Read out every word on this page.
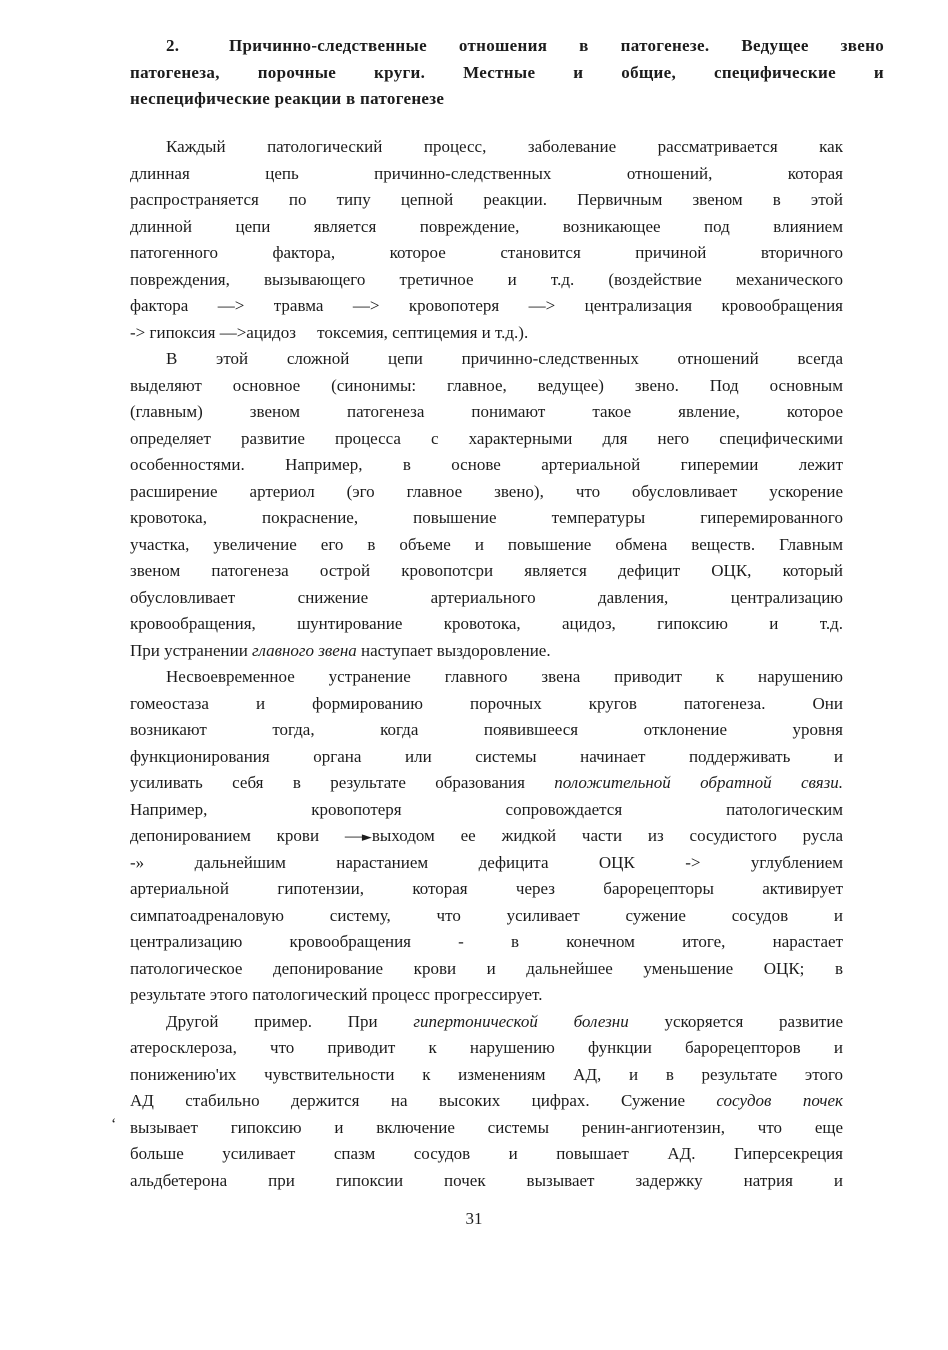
2.	Причинно-следственные отношения в патогенезе. Ведущее звено
патогенеза, порочные круги. Местные и общие, специфические и
неспецифические реакции в патогенезе

Каждый патологический процесс, заболевание рассматривается как
длинная цепь причинно-следственных отношений, которая
распространяется по типу цепной реакции. Первичным звеном в этой
длинной цепи является повреждение, возникающее под влиянием
патогенного фактора, которое становится причиной вторичного
повреждения, вызывающего третичное и т.д. (воздействие механического
фактора —> травма —> кровопотеря —> централизация кровообращения
-> гипоксия —>ацидоз     токсемия, септицемия и т.д.).

В этой сложной цепи причинно-следственных отношений всегда
выделяют основное (синонимы: главное, ведущее) звено. Под основным
(главным) звеном патогенеза понимают такое явление, которое
определяет развитие процесса с характерными для него специфическими
особенностями. Например, в основе артериальной гиперемии лежит
расширение артериол (эго главное звено), что обусловливает ускорение
кровотока, покраснение, повышение температуры гиперемированного
участка, увеличение его в объеме и повышение обмена веществ. Главным
звеном патогенеза острой кровопотсри является дефицит ОЦК, который
обусловливает снижение артериального давления, централизацию
кровообращения, шунтирование кровотока, ацидоз, гипоксию и т.д.
При устранении главного звена наступает выздоровление.

Несвоевременное устранение главного звена приводит к нарушению
гомеостаза и формированию порочных кругов патогенеза. Они
возникают тогда, когда появившееся отклонение уровня
функционирования органа или системы начинает поддерживать и
усиливать себя в результате образования положительной обратной связи.
Например, кровопотеря сопровождается патологическим
депонированием крови —►выходом ее жидкой части из сосудистого русла
-» дальнейшим нарастанием дефицита ОЦК -> углублением
артериальной гипотензии, которая через барорецепторы активирует
симпатоадреналовую систему, что усиливает сужение сосудов и
централизацию кровообращения - в конечном итоге, нарастает
патологическое депонирование крови и дальнейшее уменьшение ОЦК; в
результате этого патологический процесс прогрессирует.

Другой пример. При гипертонической болезни ускоряется развитие
атеросклероза, что приводит к нарушению функции барорецепторов и
понижению'их чувствительности к изменениям АД, и в результате этого
АД стабильно держится на высоких цифрах. Сужение сосудов почек
вызывает гипоксию и включение системы ренин-ангиотензин, что еще
больше усиливает спазм сосудов и повышает АД. Гиперсекреция
альдбетерона при гипоксии почек вызывает задержку натрия и

‘
31
